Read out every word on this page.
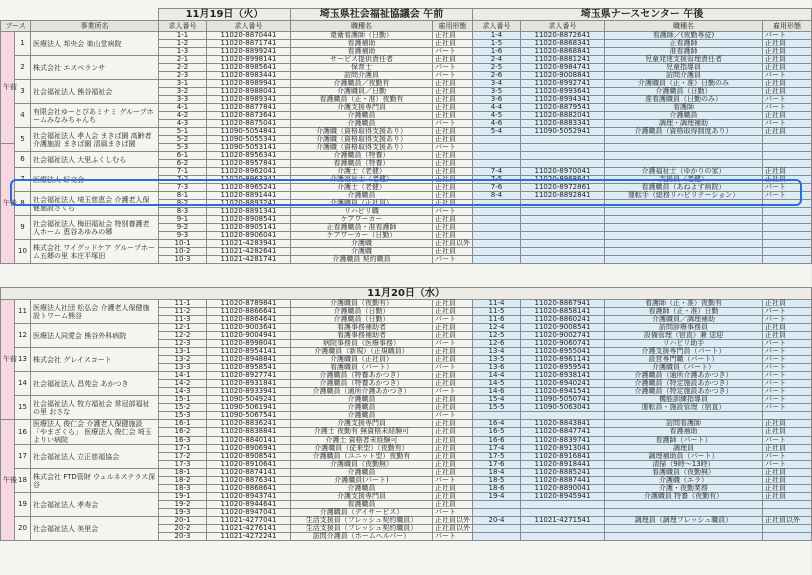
			11月19日（火）		埼玉県社会福祉協議会 午前		埼玉県ナースセンター 午後			
ブース		事業所名	求人番号	求人番号	職種名	雇用形態	求人番号	求人番号	職種名	雇用形態
午前	1	医療法人 邦央会 楽山堂病院	1-1	11020-8870441	還衛看護師（日勤）	正社員	1-4	11020-8872641	看護師／(夜勤専従)	パート
			1-2	11020-8871741	看護補助	正社員	1-5	11020-8868341	正看護師	正社員
			1-3	11020-8899241	看護補助	パート	1-6	11020-8868841	准看護師	正社員
	2	株式会社 エスペランサ	2-1	11020-8998141	サービス提供責任者	正社員	2-4	11020-8881241	児童発達支援管理責任者	正社員
			2-2	11020-8985641	保育士	パート	2-5	11020-8984741	児童指導員	正社員
			2-3	11020-8983441	訪問介護員	パート	2-6	11020-9008841	訪問介護員	パート
	3	社会福祉法人 熊谷福祉会	3-1	11020-8989941	介護職員／夜勤有	正社員	3-4	11020-8992741	介護職員（正・准）日勤のみ	正社員
			3-2	11020-8988041	介護職員／日勤	正社員	3-5	11020-8993641	介護職員（日勤）	正社員
			3-3	11020-8989341	看護職員（正・准）夜勤有	正社員	3-6	11020-8994341	准看護職員（日勤のみ）	パート
	4	有限会社ゆーとぴあミナミ グループホームみなみちゃんち	4-1	11020-8877841	介護支援専門員	正社員	4-4	11020-8879541	看護師	パート
			4-2	11020-8873641	介護職員	正社員	4-5	11020-8882041	介護職員	正社員
			4-3	11020-8875041	介護職員	パート	4-6	11020-8883341	調理・調理補助	パート
	5	社会福祉法人 孝人会 まきば園 高齢者介護施設 まきば園 清風まきば園	5-1	11090-5054841	介護職（資格取得支援あり）	正社員	5-4	11090-5052941	介護職員（資格取得制度あり）	正社員
			5-2	11090-5055341	介護職（資格取得支援あり）	正社員				
午後			5-3	11090-5053141	介護職（資格取得支援あり）	パート				
	6	社会福祉法人 大里ふくしむら	6-1	11020-8956341	介護職員（特養）	正社員				
			6-2	11020-8957841	看護職員（特養）	正社員				
	7	医療法人 好文会	7-1	11020-8962041	介護士（老健）	正社員	7-4	11020-8970041	介護福祉士（ゆかりの家）	正社員
			7-2	11020-8963341	介護福祉士（老健）	正社員	7-5	11020-8968641	支援員（老健）	正社員
			7-3	11020-8965241	介護士（老健）	正社員	7-6	11020-8972861	看護職員（あねよす病院）	パート
	8	社会福祉法人 埼玉慈恵会 介護老人保健施設さくら	8-1	11020-8891441	介護職員	正社員	8-4	11020-8892841	運転手（総務リハビリテーション）	パート
			8-2	11020-8893241	介護職員（正社員）	正社員				
			8-3	11020-8891341	リハビリ職	パート				
	9	社会福祉法人 梅田福祉会 特別養護老人ホーム 恵谷あゆみの郷	9-1	11020-8908541	ケアワーカー	正社員				
			9-2	11020-8905141	正看護職員・准看護師	正社員				
			9-3	11020-8906041	ケアワーカー（日勤）	正社員				
	10	株式会社 ワイグッドケア グループホーム五郷の里 本庄平塚田	10-1	11021-4283941	介護職	正社員以外				
			10-2	11021-4282641	介護職	正社員				
			10-3	11021-4281741	介護職員 契約職員	パート				
11月20日（水）										
午前	11	医療法人社団 松弘会 介護老人保健施設トワーム熊谷	11-1	11020-8789841	介護職員（夜勤有）	正社員	11-4	11020-8867941	看護師（正・准）夜勤有	正社員
			11-2	11020-8866641	介護職員（日勤）	正社員	11-5	11020-8858141	看護師（正・准）日勤	パート
			11-3	11020-8864641	介護職員（日勤）	パート	11-6	11020-8860241	介護職員／調理補助	パート
	12	医療法人同愛会 熊谷外科病院	12-1	11020-9003641	看護事務補助者	正社員	12-4	11020-9008541	訪問診療事務員	正社員
			12-2	11020-9004941	看護事務補助者	正社員	12-5	11020-9002741	設備管理（宿直）兼 送迎	正社員
			12-3	11020-8998041	病院事務員（医療事務）	パート	12-6	11020-9060741	リハビリ助手	パート
	13	株式会社 グレイスコート	13-1	11020-8954141	介護職員（新規）（正規職員）	正社員	13-4	11020-8955041	介護支援専門員（パート）	パート
			13-2	11020-8948841	介護職員（正社員）	正社員	13-5	11020-8961141	設営専門職（パート）	パート
			13-3	11020-8958541	看護職員（パート）	パート	13-6	11020-8959541	介護職員（パート）	パート
	14	社会福祉法人 昌苑会 あかつき	14-1	11020-8927741	介護職員（特養あかつき）	正社員	14-4	11020-8938141	介護職員（通所介護あかつき）	パート
			14-2	11020-8931841	介護職員（特養あかつき）	正社員	14-5	11020-8940241	介護職員（特定施設あかつき）	パート
			14-3	11020-8933941	介護職員（通所介護あかつき）	パート	14-6	11020-8941541	介護職員（特定施設あかつき）	パート
	15	社会福祉法人 牧方福祉会 常冠部福祉の里 おさな	15-1	11090-5049241	介護職員	正社員	15-4	11090-5050741	機能訓練指導員	パート
			15-2	11090-5061941	介護職員	正社員	15-5	11090-5063041	運転員・施設管理（宿直）	パート
			15-3	11090-5067541	介護職員	パート				
午後	16	医療法人 俊仁会 介護老人保健施設「やまざくら」 医療法人 俊仁会 埼玉よりい病院	16-1	11020-8836241	介護支援専門員	正社員	16-4	11020-8843841	訪問看護師	正社員
			16-2	11020-8838841	介護士 夜勤有 無資格未経験可	正社員	16-5	11020-8847741	看護補助	正社員
			16-3	11020-8840141	介護士 資格者未経験可	正社員	16-6	11020-8839741	看護師（パート）	パート
	17	社会福祉法人 立正慈福協会	17-1	11020-8906941	介護職員（従来型）（夜勤有）	正社員	17-4	11020-8913041	調理員	正社員
			17-2	11020-8908541	介護職員（ユニット型）夜勤有	正社員	17-5	11020-8916841	調理補助員（パート）	パート
			17-3	11020-8910641	介護職員（夜勤無）	正社員	17-6	11020-8918441	清掃（9時～13時）	パート
	18	株式会社 FTD管財 ウェルネステラス深谷	18-1	11020-8874141	介護職員	正社員	18-4	11020-8885241	看護職員（夜勤無）	正社員
			18-2	11020-8876341	介護職員(パート)	パート	18-5	11020-8887441	介護職（エラ）	正社員
			18-3	11020-8868641	介護職員	正社員	18-6	11020-8890041	介護・夜勤業務	正社員
	19	社会福祉法人 孝寿会	19-1	11020-8943741	介護支援専門員	正社員	19-4	11020-8945941	介護職員 特養（夜勤有）	正社員
			19-2	11020-8944641	看護職員	正社員				
			19-3	11020-8947041	介護職員（デイサービス）	パート				
	20	社会福祉法人 美里会	20-1	11021-4277041	生活支援員（フレッシュ契約職員）	正社員以外	20-4	11021-4271541	調理員（調理フレッシュ職員）	正社員以外
			20-2	11021-4276141	生活支援員（フレッシュ契約職員）	正社員以外				
			20-3	11021-4272241	訪問介護員（ホームヘルパー）	パート				
